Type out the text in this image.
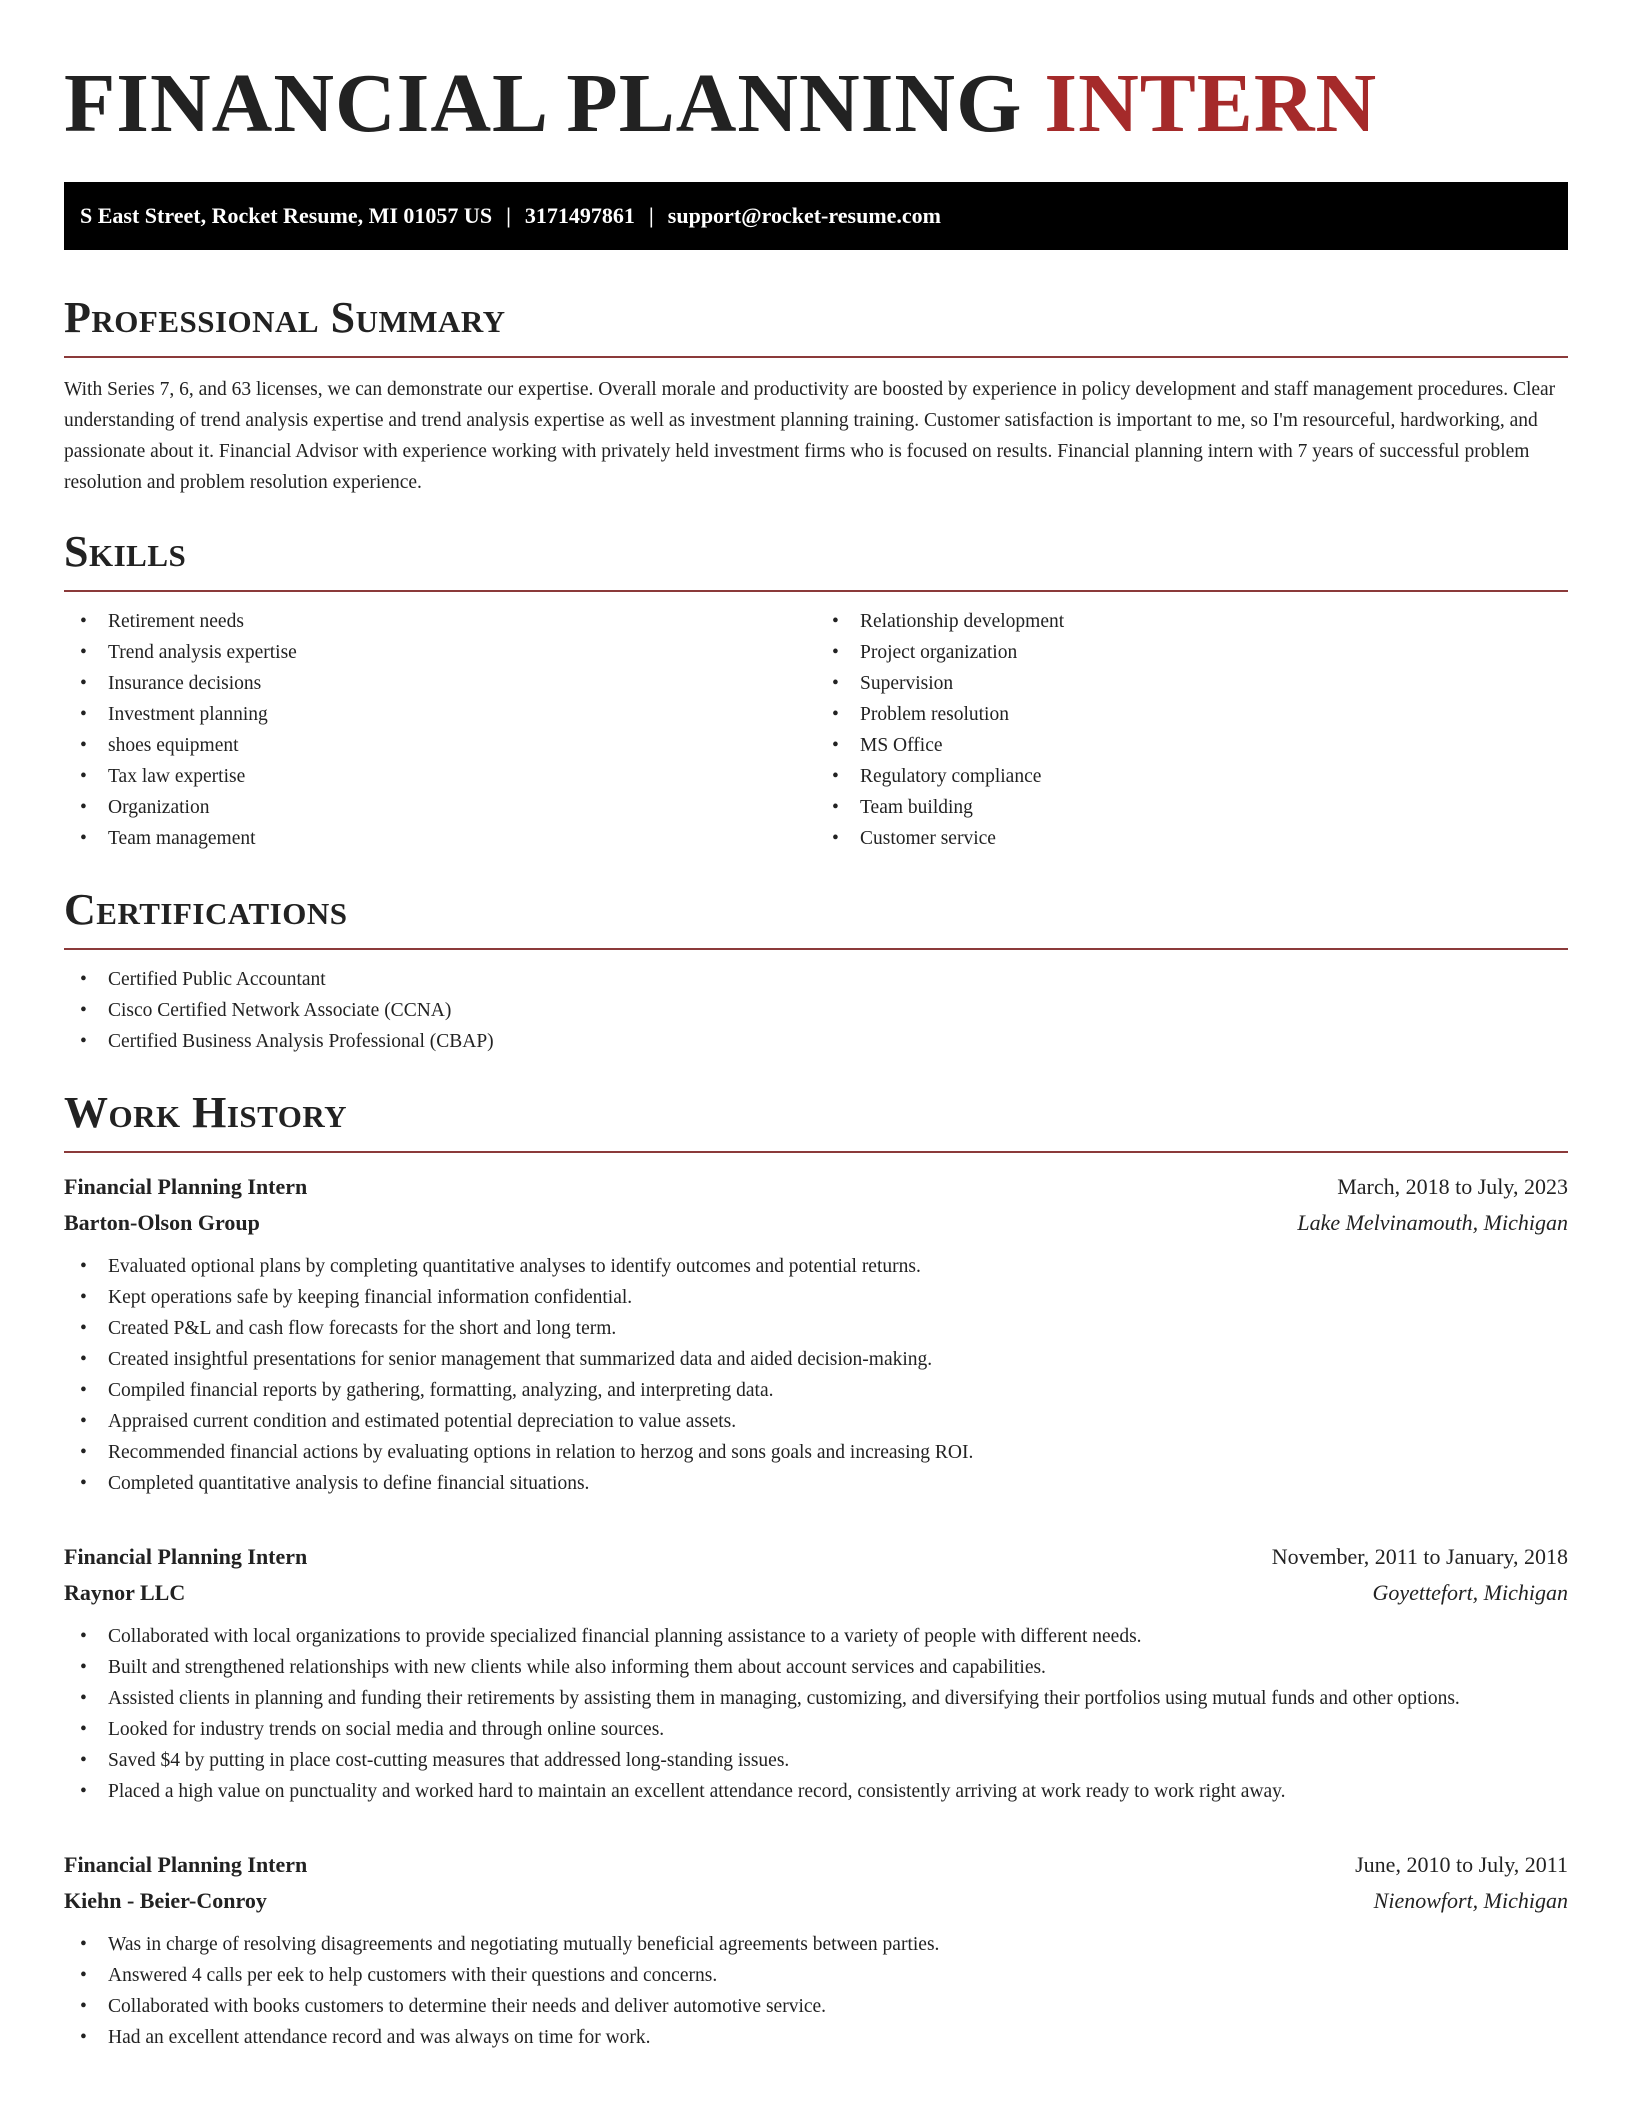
FINANCIAL PLANNING INTERN
S East Street, Rocket Resume, MI 01057 US | 3171497861 | support@rocket-resume.com
Professional Summary

With Series 7, 6, and 63 licenses, we can demonstrate our expertise. Overall morale and productivity are boosted by experience in policy development and staff management procedures. Clear understanding of trend analysis expertise and trend analysis expertise as well as investment planning training. Customer satisfaction is important to me, so I'm resourceful, hardworking, and passionate about it. Financial Advisor with experience working with privately held investment firms who is focused on results. Financial planning intern with 7 years of successful problem resolution and problem resolution experience.

Skills
• Retirement needs
• Trend analysis expertise
• Insurance decisions
• Investment planning
• shoes equipment
• Tax law expertise
• Organization
• Team management
• Relationship development
• Project organization
• Supervision
• Problem resolution
• MS Office
• Regulatory compliance
• Team building
• Customer service
Certifications
• Certified Public Accountant
• Cisco Certified Network Associate (CCNA)
• Certified Business Analysis Professional (CBAP)
Work History
Financial Planning Intern	March, 2018 to July, 2023
Barton-Olson Group	Lake Melvinamouth, Michigan
• Evaluated optional plans by completing quantitative analyses to identify outcomes and potential returns.
• Kept operations safe by keeping financial information confidential.
• Created P&L and cash flow forecasts for the short and long term.
• Created insightful presentations for senior management that summarized data and aided decision-making.
• Compiled financial reports by gathering, formatting, analyzing, and interpreting data.
• Appraised current condition and estimated potential depreciation to value assets.
• Recommended financial actions by evaluating options in relation to herzog and sons goals and increasing ROI.
• Completed quantitative analysis to define financial situations.
Financial Planning Intern	November, 2011 to January, 2018
Raynor LLC	Goyettefort, Michigan
• Collaborated with local organizations to provide specialized financial planning assistance to a variety of people with different needs.
• Built and strengthened relationships with new clients while also informing them about account services and capabilities.
• Assisted clients in planning and funding their retirements by assisting them in managing, customizing, and diversifying their portfolios using mutual funds and other options.
• Looked for industry trends on social media and through online sources.
• Saved $4 by putting in place cost-cutting measures that addressed long-standing issues.
• Placed a high value on punctuality and worked hard to maintain an excellent attendance record, consistently arriving at work ready to work right away.
Financial Planning Intern	June, 2010 to July, 2011
Kiehn - Beier-Conroy	Nienowfort, Michigan
• Was in charge of resolving disagreements and negotiating mutually beneficial agreements between parties.
• Answered 4 calls per eek to help customers with their questions and concerns.
• Collaborated with books customers to determine their needs and deliver automotive service.
• Had an excellent attendance record and was always on time for work.
